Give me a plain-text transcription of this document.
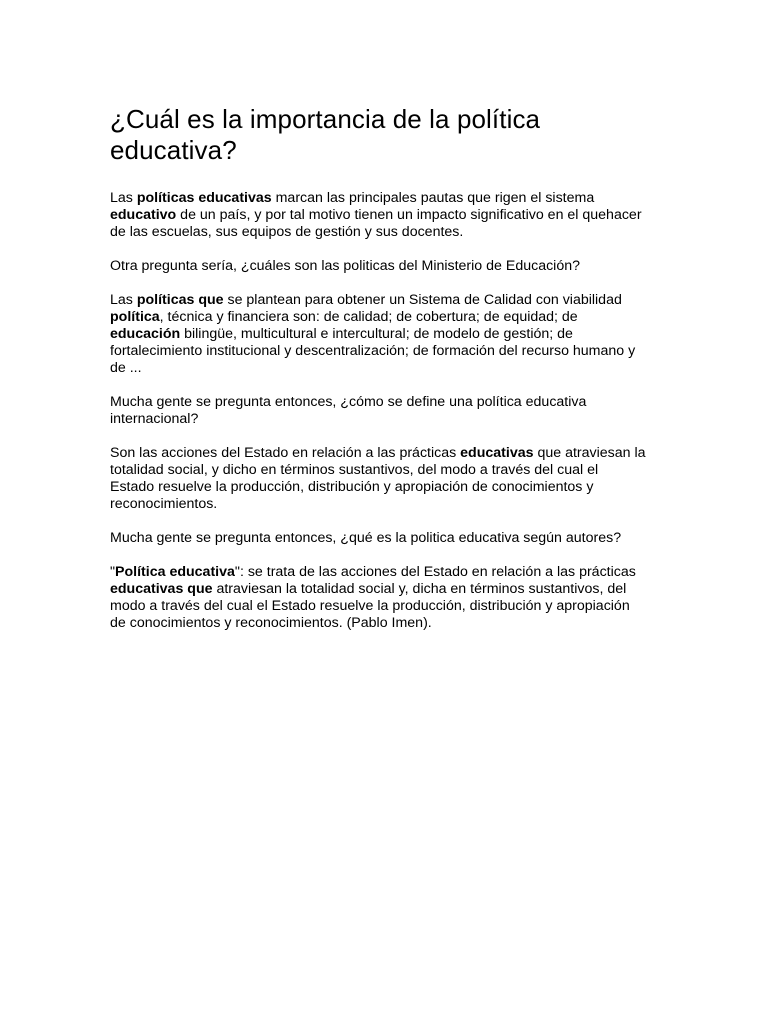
¿Cuál es la importancia de la política educativa?

Las políticas educativas marcan las principales pautas que rigen el sistema educativo de un país, y por tal motivo tienen un impacto significativo en el quehacer de las escuelas, sus equipos de gestión y sus docentes.

Otra pregunta sería, ¿cuáles son las politicas del Ministerio de Educación?

Las políticas que se plantean para obtener un Sistema de Calidad con viabilidad política, técnica y financiera son: de calidad; de cobertura; de equidad; de educación bilingüe, multicultural e intercultural; de modelo de gestión; de fortalecimiento institucional y descentralización; de formación del recurso humano y de ...

Mucha gente se pregunta entonces, ¿cómo se define una política educativa internacional?

Son las acciones del Estado en relación a las prácticas educativas que atraviesan la totalidad social, y dicho en términos sustantivos, del modo a través del cual el Estado resuelve la producción, distribución y apropiación de conocimientos y reconocimientos.

Mucha gente se pregunta entonces, ¿qué es la politica educativa según autores?

"Política educativa": se trata de las acciones del Estado en relación a las prácticas educativas que atraviesan la totalidad social y, dicha en términos sustantivos, del modo a través del cual el Estado resuelve la producción, distribución y apropiación de conocimientos y reconocimientos. (Pablo Imen).
